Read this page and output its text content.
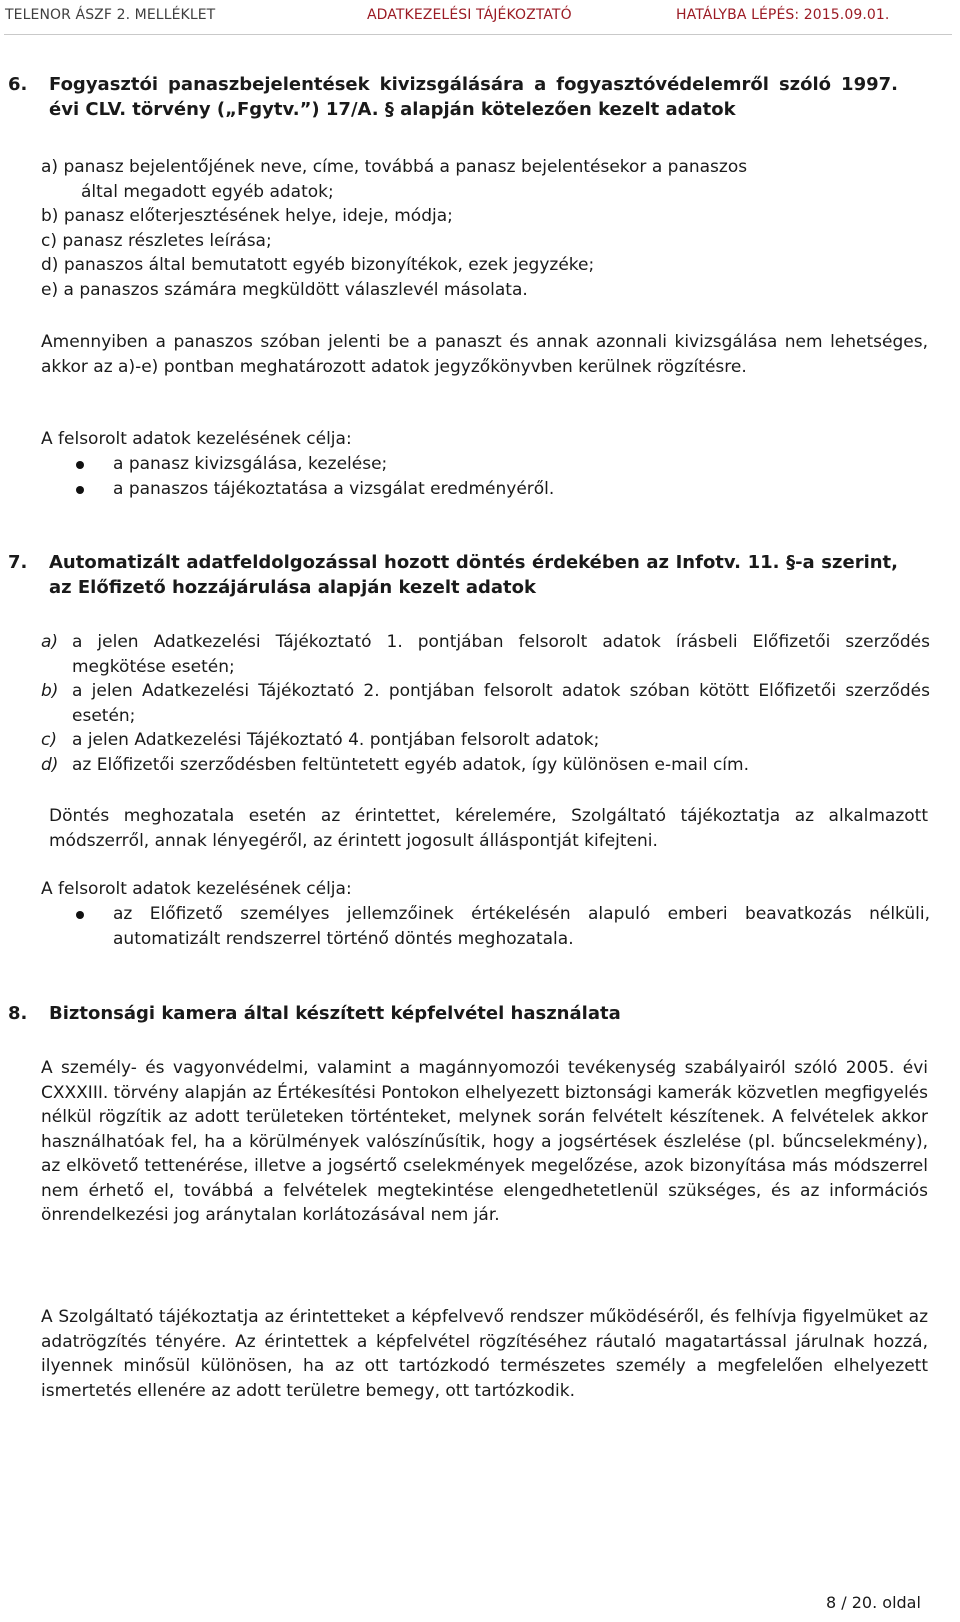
TELENOR ÁSZF 2. MELLÉKLET	ADATKEZELÉSI TÁJÉKOZTATÓ	HATÁLYBA LÉPÉS: 2015.09.01.
6. Fogyasztói panaszbejelentések kivizsgálására a fogyasztóvédelemről szóló 1997. évi CLV. törvény („Fgytv.”) 17/A. § alapján kötelezően kezelt adatok
a) panasz bejelentőjének neve, címe, továbbá a panasz bejelentésekor a panaszos
által megadott egyéb adatok;
b) panasz előterjesztésének helye, ideje, módja;
c) panasz részletes leírása;
d) panaszos által bemutatott egyéb bizonyítékok, ezek jegyzéke;
e) a panaszos számára megküldött válaszlevél másolata.
Amennyiben a panaszos szóban jelenti be a panaszt és annak azonnali kivizsgálása nem lehetséges, akkor az a)-e) pontban meghatározott adatok jegyzőkönyvben kerülnek rögzítésre.
A felsorolt adatok kezelésének célja:
a panasz kivizsgálása, kezelése;
a panaszos tájékoztatása a vizsgálat eredményéről.
7. Automatizált adatfeldolgozással hozott döntés érdekében az Infotv. 11. §-a szerint, az Előfizető hozzájárulása alapján kezelt adatok
a) a jelen Adatkezelési Tájékoztató 1. pontjában felsorolt adatok írásbeli Előfizetői szerződés megkötése esetén;
b) a jelen Adatkezelési Tájékoztató 2. pontjában felsorolt adatok szóban kötött Előfizetői szerződés esetén;
c) a jelen Adatkezelési Tájékoztató 4. pontjában felsorolt adatok;
d) az Előfizetői szerződésben feltüntetett egyéb adatok, így különösen e-mail cím.
Döntés meghozatala esetén az érintettet, kérelemére, Szolgáltató tájékoztatja az alkalmazott módszerről, annak lényegéről, az érintett jogosult álláspontját kifejteni.
A felsorolt adatok kezelésének célja:
az Előfizető személyes jellemzőinek értékelésén alapuló emberi beavatkozás nélküli, automatizált rendszerrel történő döntés meghozatala.
8. Biztonsági kamera által készített képfelvétel használata
A személy- és vagyonvédelmi, valamint a magánnyomozói tevékenység szabályairól szóló 2005. évi CXXXIII. törvény alapján az Értékesítési Pontokon elhelyezett biztonsági kamerák közvetlen megfigyelés nélkül rögzítik az adott területeken történteket, melynek során felvételt készítenek. A felvételek akkor használhatóak fel, ha a körülmények valószínűsítik, hogy a jogsértések észlelése (pl. bűncselekmény), az elkövető tettenérése, illetve a jogsértő cselekmények megelőzése, azok bizonyítása más módszerrel nem érhető el, továbbá a felvételek megtekintése elengedhetetlenül szükséges, és az információs önrendelkezési jog aránytalan korlátozásával nem jár.
A Szolgáltató tájékoztatja az érintetteket a képfelvevő rendszer működéséről, és felhívja figyelmüket az adatrögzítés tényére. Az érintettek a képfelvétel rögzítéséhez ráutaló magatartással járulnak hozzá, ilyennek minősül különösen, ha az ott tartózkodó természetes személy a megfelelően elhelyezett ismertetés ellenére az adott területre bemegy, ott tartózkodik.
8 / 20. oldal
